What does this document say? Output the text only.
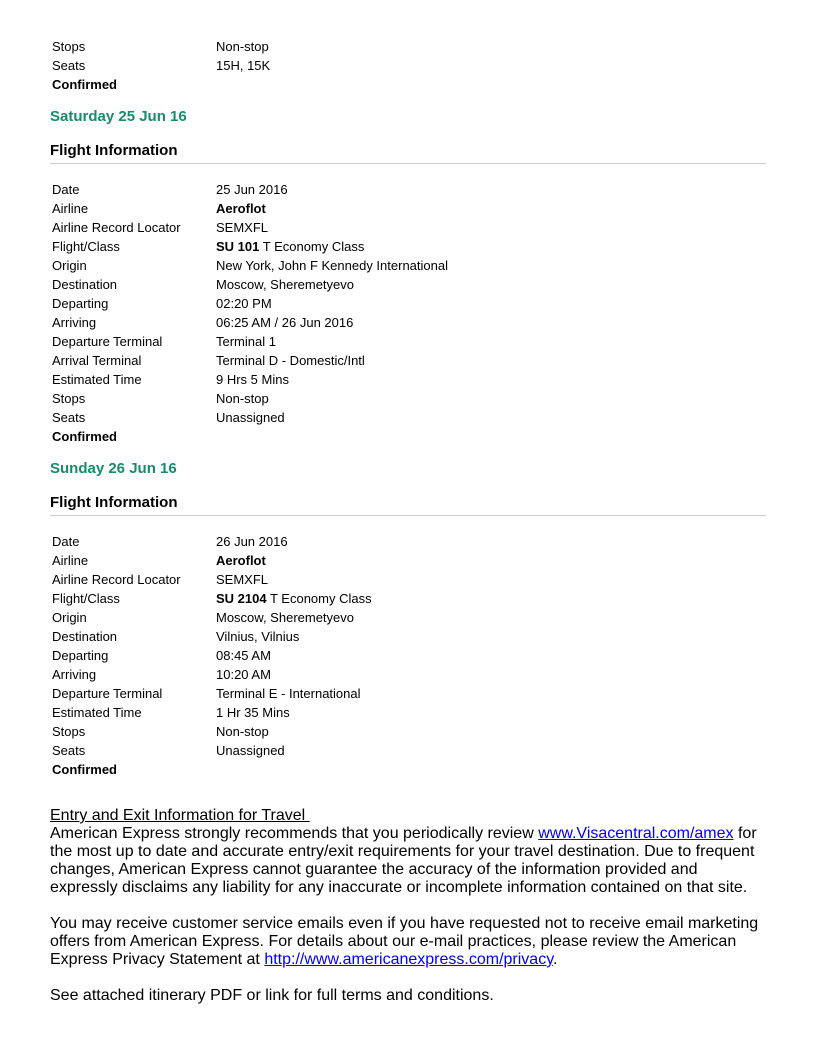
Stops	Non-stop
Seats	15H, 15K
Confirmed
Saturday 25 Jun 16
Flight Information
Date	25 Jun 2016
Airline	Aeroflot
Airline Record Locator	SEMXFL
Flight/Class	SU 101 T Economy Class
Origin	New York, John F Kennedy International
Destination	Moscow, Sheremetyevo
Departing	02:20 PM
Arriving	06:25 AM / 26 Jun 2016
Departure Terminal	Terminal 1
Arrival Terminal	Terminal D - Domestic/Intl
Estimated Time	9 Hrs 5 Mins
Stops	Non-stop
Seats	Unassigned
Confirmed
Sunday 26 Jun 16
Flight Information
Date	26 Jun 2016
Airline	Aeroflot
Airline Record Locator	SEMXFL
Flight/Class	SU 2104 T Economy Class
Origin	Moscow, Sheremetyevo
Destination	Vilnius, Vilnius
Departing	08:45 AM
Arriving	10:20 AM
Departure Terminal	Terminal E - International
Estimated Time	1 Hr 35 Mins
Stops	Non-stop
Seats	Unassigned
Confirmed
Entry and Exit Information for Travel

American Express strongly recommends that you periodically review www.Visacentral.com/amex for the most up to date and accurate entry/exit requirements for your travel destination. Due to frequent changes, American Express cannot guarantee the accuracy of the information provided and expressly disclaims any liability for any inaccurate or incomplete information contained on that site.

You may receive customer service emails even if you have requested not to receive email marketing offers from American Express. For details about our e-mail practices, please review the American Express Privacy Statement at http://www.americanexpress.com/privacy.

See attached itinerary PDF or link for full terms and conditions.
